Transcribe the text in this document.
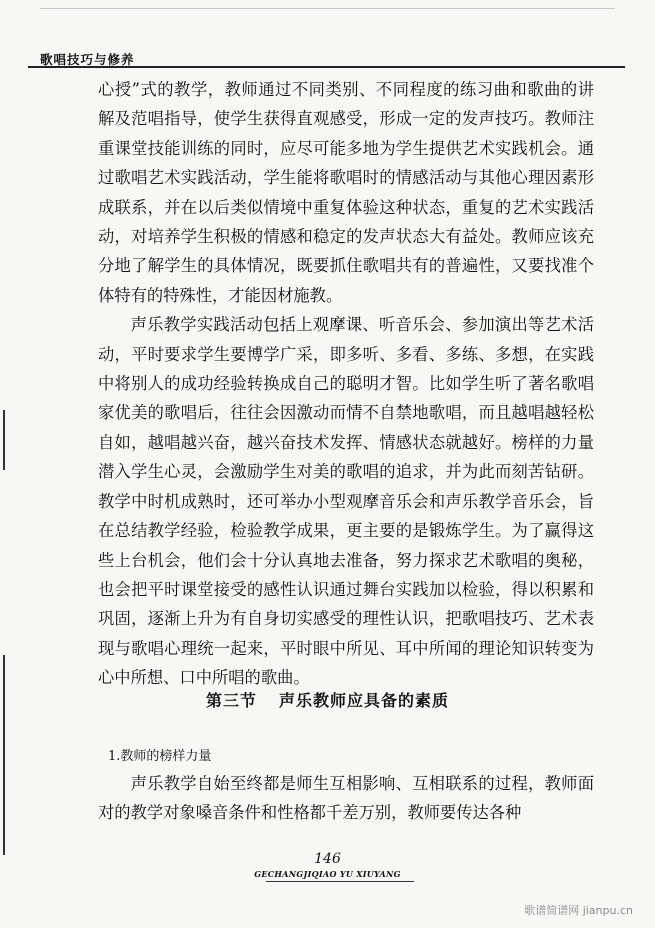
歌唱技巧与修养

心授”式的教学，教师通过不同类别、不同程度的练习曲和歌曲的讲解及范唱指导，使学生获得直观感受，形成一定的发声技巧。教师注重课堂技能训练的同时，应尽可能多地为学生提供艺术实践机会。通过歌唱艺术实践活动，学生能将歌唱时的情感活动与其他心理因素形成联系，并在以后类似情境中重复体验这种状态，重复的艺术实践活动，对培养学生积极的情感和稳定的发声状态大有益处。教师应该充分地了解学生的具体情况，既要抓住歌唱共有的普遍性，又要找准个体特有的特殊性，才能因材施教。

声乐教学实践活动包括上观摩课、听音乐会、参加演出等艺术活动，平时要求学生要博学广采，即多听、多看、多练、多想，在实践中将别人的成功经验转换成自己的聪明才智。比如学生听了著名歌唱家优美的歌唱后，往往会因激动而情不自禁地歌唱，而且越唱越轻松自如，越唱越兴奋，越兴奋技术发挥、情感状态就越好。榜样的力量潜入学生心灵，会激励学生对美的歌唱的追求，并为此而刻苦钻研。教学中时机成熟时，还可举办小型观摩音乐会和声乐教学音乐会，旨在总结教学经验，检验教学成果，更主要的是锻炼学生。为了赢得这些上台机会，他们会十分认真地去准备，努力探求艺术歌唱的奥秘，也会把平时课堂接受的感性认识通过舞台实践加以检验，得以积累和巩固，逐渐上升为有自身切实感受的理性认识，把歌唱技巧、艺术表现与歌唱心理统一起来，平时眼中所见、耳中所闻的理论知识转变为心中所想、口中所唱的歌曲。

第三节 声乐教师应具备的素质
1.教师的榜样力量

声乐教学自始至终都是师生互相影响、互相联系的过程，教师面对的教学对象嗓音条件和性格都千差万别，教师要传达各种

146
GECHANGJIQIAO YU XIUYANG
歌谱简谱网 jianpu.cn
